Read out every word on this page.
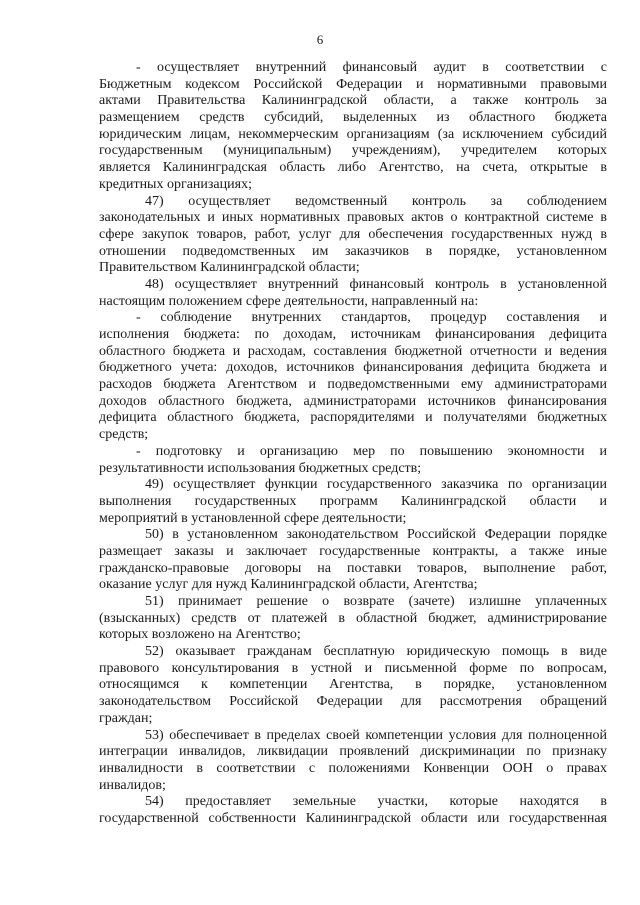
6
- осуществляет внутренний финансовый аудит в соответствии с
Бюджетным кодексом Российской Федерации и нормативными правовыми
актами Правительства Калининградской области, а также контроль за
размещением средств субсидий, выделенных из областного бюджета
юридическим лицам, некоммерческим организациям (за исключением субсидий
государственным (муниципальным) учреждениям), учредителем которых
является Калининградская область либо Агентство, на счета, открытые в
кредитных организациях;
47) осуществляет ведомственный контроль за соблюдением
законодательных и иных нормативных правовых актов о контрактной системе в
сфере закупок товаров, работ, услуг для обеспечения государственных нужд в
отношении подведомственных им заказчиков в порядке, установленном
Правительством Калининградской области;
48) осуществляет внутренний финансовый контроль в установленной
настоящим положением сфере деятельности, направленный на:
- соблюдение внутренних стандартов, процедур составления и
исполнения бюджета: по доходам, источникам финансирования дефицита
областного бюджета и расходам, составления бюджетной отчетности и ведения
бюджетного учета: доходов, источников финансирования дефицита бюджета и
расходов бюджета Агентством и подведомственными ему администраторами
доходов областного бюджета, администраторами источников финансирования
дефицита областного бюджета, распорядителями и получателями бюджетных
средств;
- подготовку и организацию мер по повышению экономности и
результативности использования бюджетных средств;
49) осуществляет функции государственного заказчика по организации
выполнения государственных программ Калининградской области и
мероприятий в установленной сфере деятельности;
50) в установленном законодательством Российской Федерации порядке
размещает заказы и заключает государственные контракты, а также иные
гражданско-правовые договоры на поставки товаров, выполнение работ,
оказание услуг для нужд Калининградской области, Агентства;
51) принимает решение о возврате (зачете) излишне уплаченных
(взысканных) средств от платежей в областной бюджет, администрирование
которых возложено на Агентство;
52) оказывает гражданам бесплатную юридическую помощь в виде
правового консультирования в устной и письменной форме по вопросам,
относящимся к компетенции Агентства, в порядке, установленном
законодательством Российской Федерации для рассмотрения обращений
граждан;
53) обеспечивает в пределах своей компетенции условия для полноценной
интеграции инвалидов, ликвидации проявлений дискриминации по признаку
инвалидности в соответствии с положениями Конвенции ООН о правах
инвалидов;
54) предоставляет земельные участки, которые находятся в
государственной собственности Калининградской области или государственная
